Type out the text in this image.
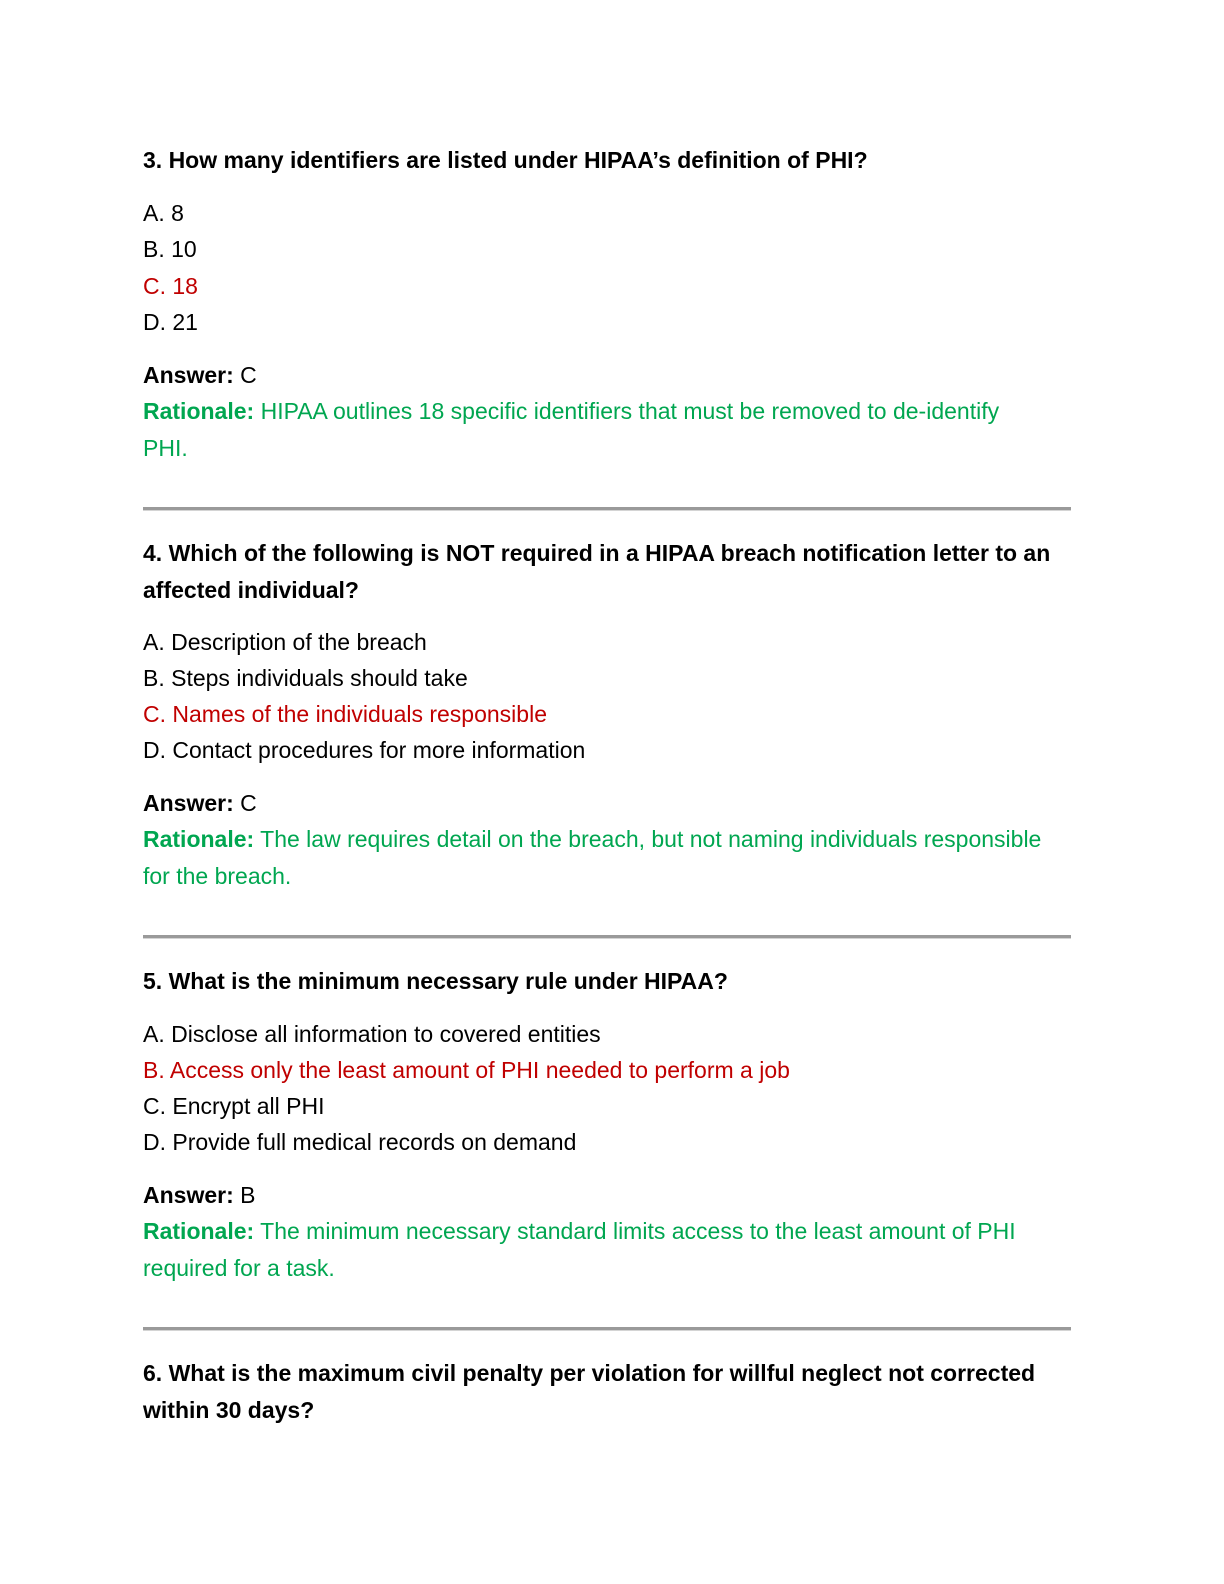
3. How many identifiers are listed under HIPAA’s definition of PHI?
A. 8
B. 10
C. 18
D. 21
Answer: C
Rationale: HIPAA outlines 18 specific identifiers that must be removed to de-identify PHI.
4. Which of the following is NOT required in a HIPAA breach notification letter to an affected individual?
A. Description of the breach
B. Steps individuals should take
C. Names of the individuals responsible
D. Contact procedures for more information
Answer: C
Rationale: The law requires detail on the breach, but not naming individuals responsible for the breach.
5. What is the minimum necessary rule under HIPAA?
A. Disclose all information to covered entities
B. Access only the least amount of PHI needed to perform a job
C. Encrypt all PHI
D. Provide full medical records on demand
Answer: B
Rationale: The minimum necessary standard limits access to the least amount of PHI required for a task.
6. What is the maximum civil penalty per violation for willful neglect not corrected within 30 days?
